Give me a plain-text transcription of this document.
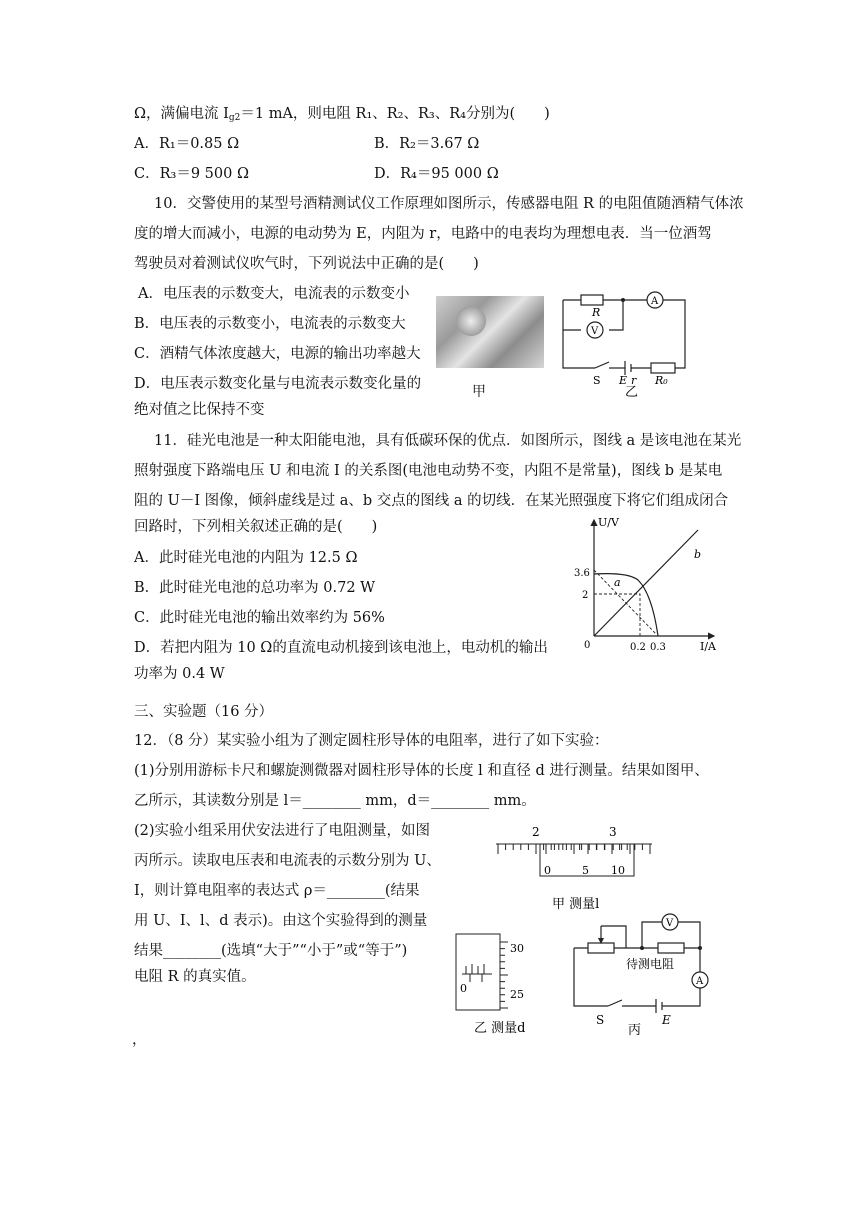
Ω，满偏电流 $I_{g2}=1$ mA，则电阻 R₁、R₂、R₃、R₄分别为(　　)
A．R₁＝0.85 Ω	B．R₂＝3.67 Ω
C．R₃＝9 500 Ω	D．R₄＝95 000 Ω
10．交警使用的某型号酒精测试仪工作原理如图所示，传感器电阻 R 的电阻值随酒精气体浓
度的增大而减小，电源的电动势为 E，内阻为 r，电路中的电表均为理想电表．当一位酒驾
驾驶员对着测试仪吹气时，下列说法中正确的是(　　)
A．电压表的示数变大，电流表的示数变小
B．电压表的示数变小，电流表的示数变大
C．酒精气体浓度越大，电源的输出功率越大
D．电压表示数变化量与电流表示数变化量的
绝对值之比保持不变
甲
R
V
A
S E r R₀
乙
11．硅光电池是一种太阳能电池，具有低碳环保的优点．如图所示，图线 a 是该电池在某光
照射强度下路端电压 U 和电流 I 的关系图(电池电动势不变，内阻不是常量)，图线 b 是某电
阻的 U－I 图像，倾斜虚线是过 a、b 交点的图线 a 的切线．在某光照强度下将它们组成闭合
回路时，下列相关叙述正确的是(　　)
A．此时硅光电池的内阻为 12.5 Ω
B．此时硅光电池的总功率为 0.72 W
C．此时硅光电池的输出效率约为 56%
D．若把内阻为 10 Ω的直流电动机接到该电池上，电动机的输出
功率为 0.4 W
U/V
I/A
3.6
2
0.2 0.3
0
a
b
三、实验题（16 分）
12．（8 分）某实验小组为了测定圆柱形导体的电阻率，进行了如下实验：
(1)分别用游标卡尺和螺旋测微器对圆柱形导体的长度 l 和直径 d 进行测量。结果如图甲、
乙所示，其读数分别是 l＝________ mm，d＝________ mm。
(2)实验小组采用伏安法进行了电阻测量，如图
丙所示。读取电压表和电流表的示数分别为 U、
I，则计算电阻率的表达式 ρ＝________(结果
用 U、I、l、d 表示)。由这个实验得到的测量
结果________(选填“大于”“小于”或“等于”)
电阻 R 的真实值。
2	3
0	5 10
甲 测量l
30
25
0
乙 测量d
V
A
待测电阻
S	E
丙
，
